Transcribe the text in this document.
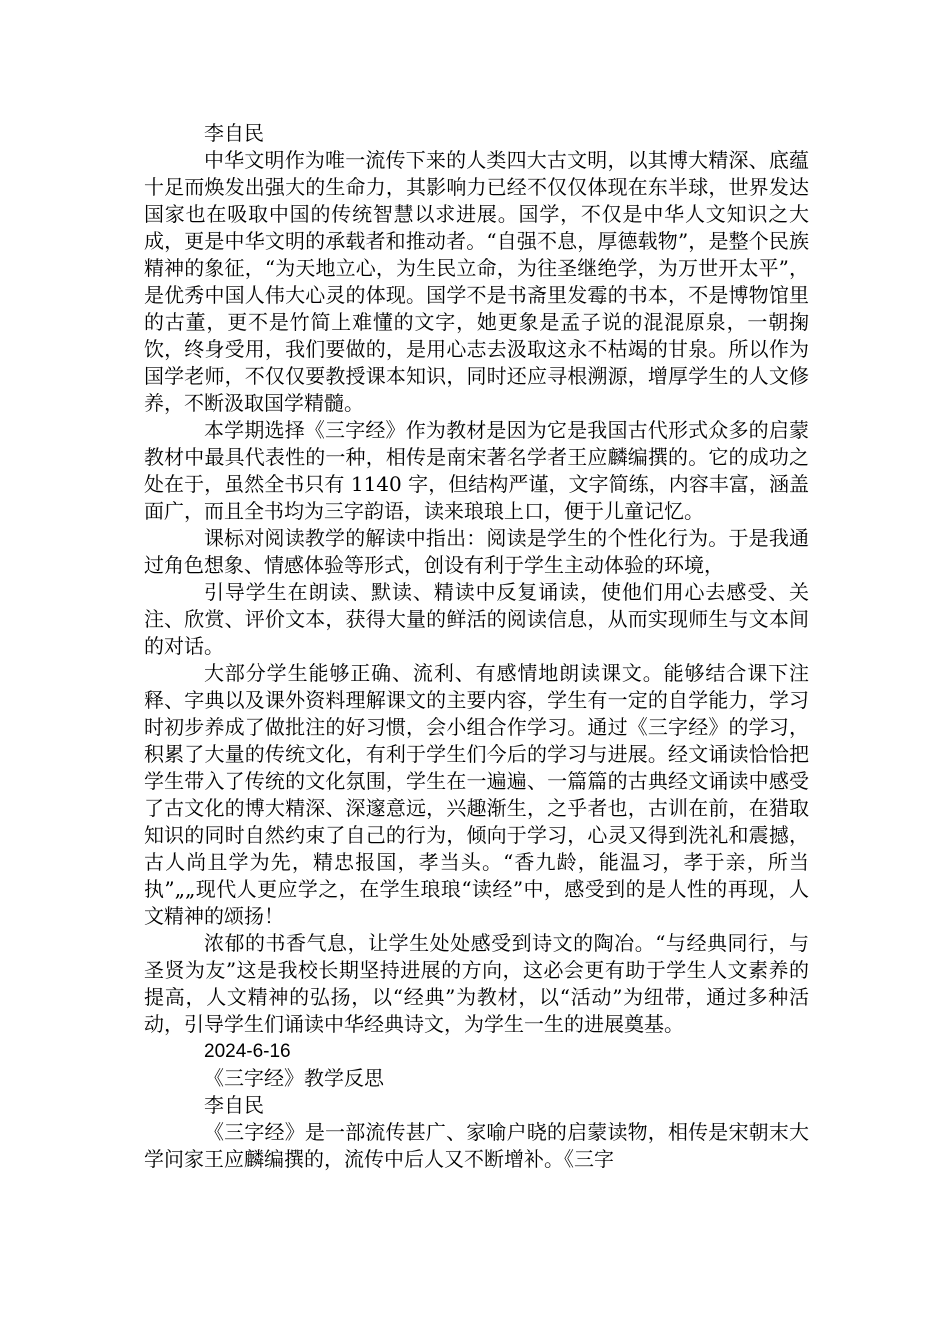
李自民

中华文明作为唯一流传下来的人类四大古文明，以其博大精深、底蕴十足而焕发出强大的生命力，其影响力已经不仅仅体现在东半球，世界发达国家也在吸取中国的传统智慧以求进展。国学，不仅是中华人文知识之大成，更是中华文明的承载者和推动者。“自强不息，厚德载物”，是整个民族精神的象征，“为天地立心，为生民立命，为往圣继绝学，为万世开太平”，是优秀中国人伟大心灵的体现。国学不是书斋里发霉的书本，不是博物馆里的古董，更不是竹简上难懂的文字，她更象是孟子说的混混原泉，一朝掬饮，终身受用，我们要做的，是用心志去汲取这永不枯竭的甘泉。所以作为国学老师，不仅仅要教授课本知识，同时还应寻根溯源，增厚学生的人文修养，不断汲取国学精髓。

本学期选择《三字经》作为教材是因为它是我国古代形式众多的启蒙教材中最具代表性的一种，相传是南宋著名学者王应麟编撰的。它的成功之处在于，虽然全书只有 1140 字，但结构严谨，文字简练，内容丰富，涵盖面广，而且全书均为三字韵语，读来琅琅上口，便于儿童记忆。

课标对阅读教学的解读中指出：阅读是学生的个性化行为。于是我通过角色想象、情感体验等形式，创设有利于学生主动体验的环境，

引导学生在朗读、默读、精读中反复诵读，使他们用心去感受、关注、欣赏、评价文本，获得大量的鲜活的阅读信息，从而实现师生与文本间的对话。

大部分学生能够正确、流利、有感情地朗读课文。能够结合课下注释、字典以及课外资料理解课文的主要内容，学生有一定的自学能力，学习时初步养成了做批注的好习惯，会小组合作学习。通过《三字经》的学习，积累了大量的传统文化，有利于学生们今后的学习与进展。经文诵读恰恰把学生带入了传统的文化氛围，学生在一遍遍、一篇篇的古典经文诵读中感受了古文化的博大精深、深邃意远，兴趣渐生，之乎者也，古训在前，在猎取知识的同时自然约束了自己的行为，倾向于学习，心灵又得到洗礼和震撼，古人尚且学为先，精忠报国，孝当头。“香九龄，能温习，孝于亲，所当执”„„现代人更应学之，在学生琅琅“读经”中，感受到的是人性的再现，人文精神的颂扬！

浓郁的书香气息，让学生处处感受到诗文的陶冶。“与经典同行，与圣贤为友”这是我校长期坚持进展的方向，这必会更有助于学生人文素养的提高，人文精神的弘扬，以“经典”为教材，以“活动”为纽带，通过多种活动，引导学生们诵读中华经典诗文，为学生一生的进展奠基。

2024-6-16

《三字经》教学反思

李自民

《三字经》是一部流传甚广、家喻户晓的启蒙读物，相传是宋朝末大学问家王应麟编撰的，流传中后人又不断增补。《三字
